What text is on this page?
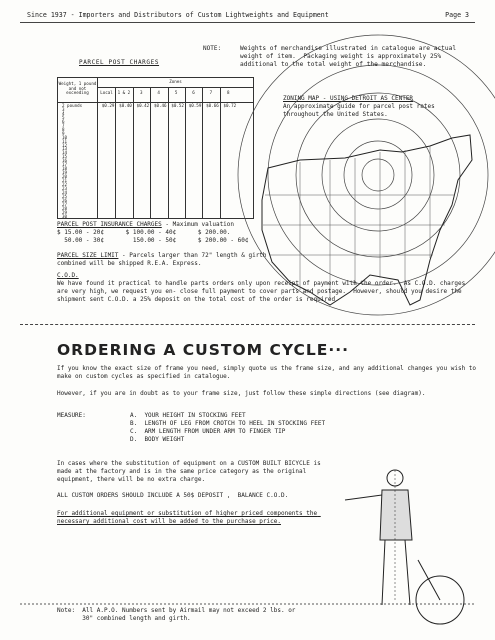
Since 1937 - Importers and Distributors of Custom Lightweights and Equipment	Page 3
PARCEL POST CHARGES
NOTE:	Weights of merchandise illustrated in catalogue are actual weight of item.  Packaging weight is approximately 25% additional to the total weight of the merchandise.
Weight, 1 pound and not exceeding
Zones
Local	1 & 2	3	4	5	6	7	8
2 pounds	$0.29	$0.40	$0.42	$0.46	$0.52	$0.59	$0.66	$0.72
3
4
5
6
7
8
9
10
11
12
13
14
15
16
17
18
19
20
21
22
23
24
25
26
27
28
29
30
ZONING MAP - USING DETROIT AS CENTER
An approximate guide for parcel post rates throughout the United States.
PARCEL POST INSURANCE CHARGES - Maximum valuation
$ 15.00 - 20¢      $ 100.00 - 40¢      $ 200.00.
50.00 - 30¢        150.00 - 50¢      $ 200.00 - 60¢
PARCEL SIZE LIMIT - Parcels larger than 72" length & girth combined will be shipped R.E.A. Express.
C.O.D.
We have found it practical to handle parts orders only upon receipt of payment with the order.  As C.O.D. charges are very high, we request you en- close full payment to cover parts and postage.  However, should you desire the shipment sent C.O.D. a 25% deposit on the total cost of the order is required.
ORDERING A CUSTOM CYCLE···
If you know the exact size of frame you need, simply quote us the frame size, and any additional changes you wish to make on custom cycles as specified in catalogue.
However, if you are in doubt as to your frame size, just follow these simple directions (see diagram).
MEASURE:	A.  YOUR HEIGHT IN STOCKING FEET
B.  LENGTH OF LEG FROM CROTCH TO HEEL IN STOCKING FEET
C.  ARM LENGTH FROM UNDER ARM TO FINGER TIP
D.  BODY WEIGHT
In cases where the substitution of equipment on a CUSTOM BUILT BICYCLE is made at the factory and is in the same price category as the original equipment, there will be no extra charge.
ALL CUSTOM ORDERS SHOULD INCLUDE A 50$ DEPOSIT ,  BALANCE C.O.D.
For additional equipment or substitution of higher priced components the necessary additional cost will be added to the purchase price.
Note:  All A.P.O. Numbers sent by Airmail may not exceed 2 lbs. or
30" combined length and girth.
